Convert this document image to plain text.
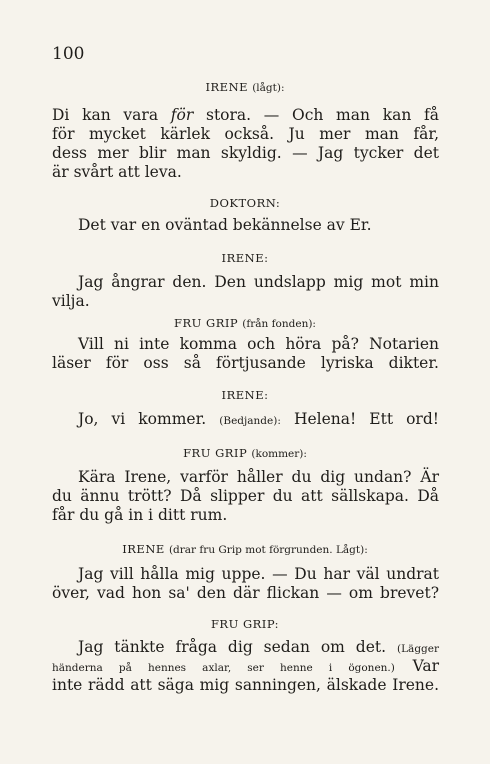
100
IRENE (lågt):
Di kan vara för stora. — Och man kan få
för mycket kärlek också. Ju mer man får,
dess mer blir man skyldig. — Jag tycker det
är svårt att leva.
DOKTORN:
Det var en oväntad bekännelse av Er.
IRENE:
Jag ångrar den. Den undslapp mig mot min
vilja.
FRU GRIP (från fonden):
Vill ni inte komma och höra på? Notarien
läser för oss så förtjusande lyriska dikter.
IRENE:
Jo, vi kommer. (Bedjande): Helena! Ett ord!
FRU GRIP (kommer):
Kära Irene, varför håller du dig undan? Är
du ännu trött? Då slipper du att sällskapa. Då
får du gå in i ditt rum.
IRENE (drar fru Grip mot förgrunden. Lågt):
Jag vill hålla mig uppe. — Du har väl undrat
över, vad hon sa' den där flickan — om brevet?
FRU GRIP:
Jag tänkte fråga dig sedan om det. (Lägger
händerna på hennes axlar, ser henne i ögonen.) Var
inte rädd att säga mig sanningen, älskade Irene.
